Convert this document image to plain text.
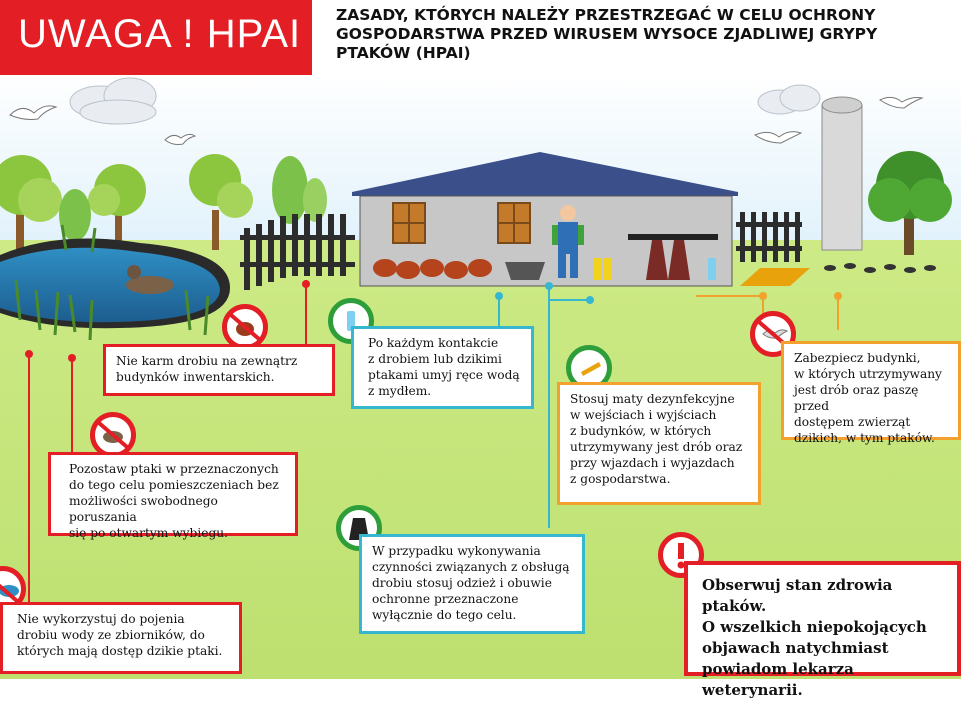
UWAGA ! HPAI ZASADY, KTÓRYCH NALEŻY PRZESTRZEGAĆ W CELU OCHRONY GOSPODARSTWA PRZED WIRUSEM WYSOCE ZJADLIWEJ GRYPY PTAKÓW (HPAI)
Nie karm drobiu na zewnątrz
budynków inwentarskich.
Po każdym kontakcie
z drobiem lub dzikimi
ptakami umyj ręce wodą
z mydłem.
Pozostaw ptaki w przeznaczonych
do tego celu pomieszczeniach bez
możliwości swobodnego poruszania
się po otwartym wybiegu.
Nie wykorzystuj do pojenia
drobiu wody ze zbiorników, do
których mają dostęp dzikie ptaki.
W przypadku wykonywania
czynności związanych z obsługą
drobiu stosuj odzież i obuwie
ochronne przeznaczone
wyłącznie do tego celu.
Stosuj maty dezynfekcyjne
w wejściach i wyjściach
z budynków, w których
utrzymywany jest drób oraz
przy wjazdach i wyjazdach
z gospodarstwa.
Zabezpiecz budynki,
w których utrzymywany
jest drób oraz paszę przed
dostępem zwierząt
dzikich, w tym ptaków.
Obserwuj stan zdrowia ptaków.
O wszelkich niepokojących
objawach natychmiast
powiadom lekarza weterynarii.
